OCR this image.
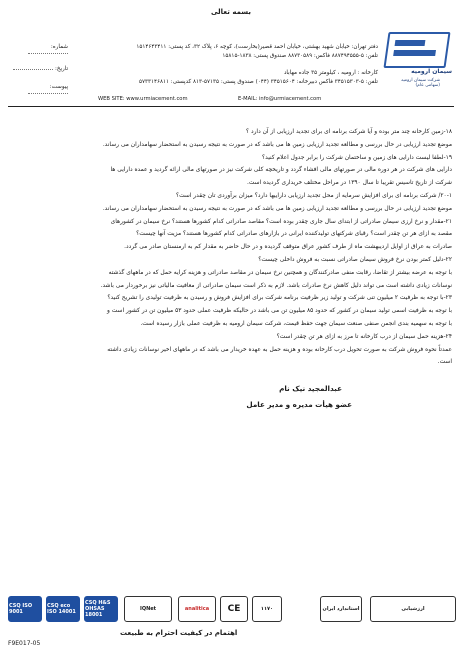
بسمه تعالی
سیمان ارومیه
شرکت سیمان ارومیه (سهامی عام)
دفتر تهران: خیابان شهید بهشتی، خیابان احمد قصیر(بخارست)، کوچه ۶، پلاک ۳۲، کد پستی: ۱۵۱۴۶۴۳۴۱۱
تلفن: ۵-۸۸۷۴۹۴۵۵۵ فاکس: ۸۸۷۳۰۵۸۹ صندوق پستی: ۱۸۳۸-۱۵۸۱۵
کارخانه : ارومیه ، کیلومتر ۳۵ جاده مهاباد
تلفن: ۵-۳۴۵۱۵۳۰۳ فاکس دبیرخانه: ۳۴۵۱۵۶۰۴ (۰۴۴) صندوق پستی: ۵۷۱۳۵-۸۱۳ کدپستی: ۵۷۳۳۱۴۶۸۱۱
شماره:
تاریخ:
پیوست:
WEB SITE: www.urmiacement.com	E-MAIL: info@urmiacement.com
۱۸-زمین کارخانه چند متر بوده و آیا شرکت برنامه ای برای تجدید ارزیابی از آن دارد ؟
موضع تجدید ارزیابی در حال بررسی و مطالعه تجدید ارزیابی زمین ها می باشد که در صورت به نتیجه رسیدن به استحضار سهامداران می رساند.
۱۹-لطفا لیست دارایی های زمین و ساختمان شرکت را برابر جدول اعلام کنید؟
دارایی های شرکت در هر دوره مالی در صورتهای مالی افشاء گردد و تاریخچه کلی شرکت نیز در صورتهای مالی ارائه گردید و عمده دارایی ها
شرکت از تاریخ تاسیس تقریبا تا سال ۱۳۹۰ در مراحل مختلف خریداری گردیده است.
۲۰-۱/ شرکت برنامه ای برای افزایش سرمایه از محل تجدید ارزیابی داراییها دارد؟ میزان برآوردی تان چقدر است؟
موضع تجدید ارزیابی در حال بررسی و مطالعه تجدید ارزیابی زمین ها می باشد که در صورت به نتیجه رسیدن به استحضار سهامداران می رساند.
۲۱-مقدار و نرخ ارزی سیمان صادراتی از ابتدای سال جاری چقدر بوده است؟ مقاصد صادراتی کدام کشورها هستند؟ نرخ سیمان در کشورهای
مقصد به ازای هر تن چقدر است؟ رقبای شرکتهای تولیدکننده ایرانی در بازارهای صادراتی کدام کشورها هستند؟ مزیت آنها چیست؟
صادرات به عراق از اوایل اردیبهشت ماه از طرف کشور عراق متوقف گردیده و در حال حاضر به مقدار کم به ارمنستان صادر می گردد.
۲۲-دلیل کمتر بودن نرخ فروش سیمان صادراتی نسبت به فروش داخلی چیست؟
با توجه به عرضه بیشتر از تقاضا، رقابت منفی صادرکنندگان و همچنین نرخ سیمان در مقاصد صادراتی و هزینه کرایه حمل که در ماههای گذشته
نوسانات زیادی داشته است می تواند دلیل کاهش نرخ صادرات باشد. لازم به ذکر است سیمان صادراتی از معافیت مالیاتی نیز برخوردار می باشد.
۲۳-با توجه به ظرفیت ۲ میلیون تنی شرکت و تولید زیر ظرفیت برنامه شرکت برای افزایش فروش و رسیدن به ظرفیت تولیدی را تشریح کنید؟
با توجه به ظرفیت اسمی تولید سیمان در کشور که حدود ۸۵ میلیون تن می باشد در حالیکه ظرفیت عملی حدود ۵۳ میلیون تن در کشور است و
با توجه به سهمیه بندی انجمن صنفی صنعت سیمان جهت حفظ قیمت، شرکت سیمان ارومیه به ظرفیت عملی بازار رسیده است.
۲۴-هزینه حمل سیمان از درب کارخانه تا مرز به ازای هر تن چقدر است؟
عمدتاً نحوه فروش شرکت به صورت تحویل درب کارخانه بوده و هزینه حمل به عهده خریدار می باشد که در ماههای اخیر نوسانات زیادی داشته
است.
عبدالمجید نیک نام
عضو هیأت مدیره و مدیر عامل
CSQ ISO 9001
CSQ eco ISO 14001
CSQ H&S OHSAS 18001
IQNet	analitica	CE	۱۱۷۰	استاندارد ایران	ارزشیابی
اهتمام در کیفیت احترام به طبیعت
F9E017-05
